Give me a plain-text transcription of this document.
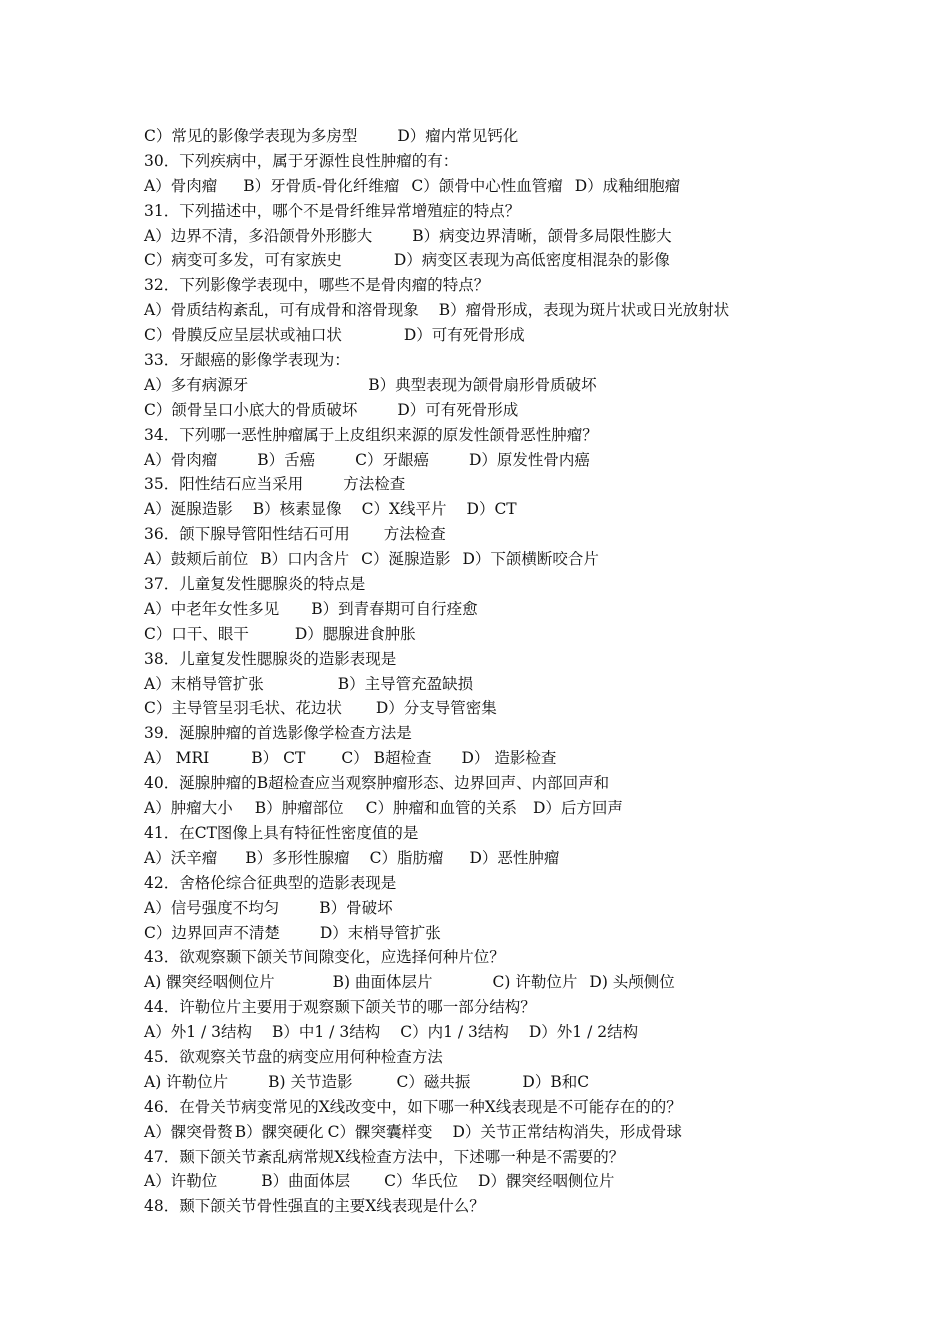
C）常见的影像学表现为多房型	D）瘤内常见钙化
30．下列疾病中，属于牙源性良性肿瘤的有：
A）骨肉瘤 B）牙骨质-骨化纤维瘤 C）颌骨中心性血管瘤 D）成釉细胞瘤
31．下列描述中，哪个不是骨纤维异常增殖症的特点？
A）边界不清，多沿颌骨外形膨大	B）病变边界清晰，颌骨多局限性膨大
C）病变可多发，可有家族史	D）病变区表现为高低密度相混杂的影像
32．下列影像学表现中，哪些不是骨肉瘤的特点？
A）骨质结构紊乱，可有成骨和溶骨现象 B）瘤骨形成，表现为斑片状或日光放射状
C）骨膜反应呈层状或袖口状	D）可有死骨形成
33．牙龈癌的影像学表现为：
A）多有病源牙	B）典型表现为颌骨扇形骨质破坏
C）颌骨呈口小底大的骨质破坏	D）可有死骨形成
34．下列哪一恶性肿瘤属于上皮组织来源的原发性颌骨恶性肿瘤？
A）骨肉瘤	B）舌癌	C）牙龈癌	D）原发性骨内癌
35．阳性结石应当采用	方法检查
A）涎腺造影 B）核素显像 C）X线平片 D）CT
36．颌下腺导管阳性结石可用 方法检查
A）鼓颊后前位 B）口内含片 C）涎腺造影 D）下颌横断咬合片
37．儿童复发性腮腺炎的特点是
A）中老年女性多见 B）到青春期可自行痊愈
C）口干、眼干	D）腮腺进食肿胀
38．儿童复发性腮腺炎的造影表现是
A）末梢导管扩张	B）主导管充盈缺损
C）主导管呈羽毛状、花边状 D）分支导管密集
39．涎腺肿瘤的首选影像学检查方法是
A） MRI	B） CT C） B超检查 D） 造影检查
40．涎腺肿瘤的B超检查应当观察肿瘤形态、边界回声、内部回声和
A）肿瘤大小 B）肿瘤部位 C）肿瘤和血管的关系 D）后方回声
41．在CT图像上具有特征性密度值的是
A）沃辛瘤 B）多形性腺瘤 C）脂肪瘤 D）恶性肿瘤
42．舍格伦综合征典型的造影表现是
A）信号强度不均匀	B）骨破坏
C）边界回声不清楚	D）末梢导管扩张
43．欲观察颞下颌关节间隙变化，应选择何种片位？
A) 髁突经咽侧位片	B) 曲面体层片	C) 许勒位片 D) 头颅侧位
44．许勒位片主要用于观察颞下颌关节的哪一部分结构？
A）外1 / 3结构 B）中1 / 3结构 C）内1 / 3结构 D）外1 / 2结构
45．欲观察关节盘的病变应用何种检查方法
A) 许勒位片	B) 关节造影	C）磁共振	D）B和C
46．在骨关节病变常见的X线改变中，如下哪一种X线表现是不可能存在的的？
A）髁突骨赘 B）髁突硬化 C）髁突囊样变 D）关节正常结构消失，形成骨球
47．颞下颌关节紊乱病常规X线检查方法中，下述哪一种是不需要的？
A）许勒位	B）曲面体层 C）华氏位 D）髁突经咽侧位片
48．颞下颌关节骨性强直的主要X线表现是什么？
